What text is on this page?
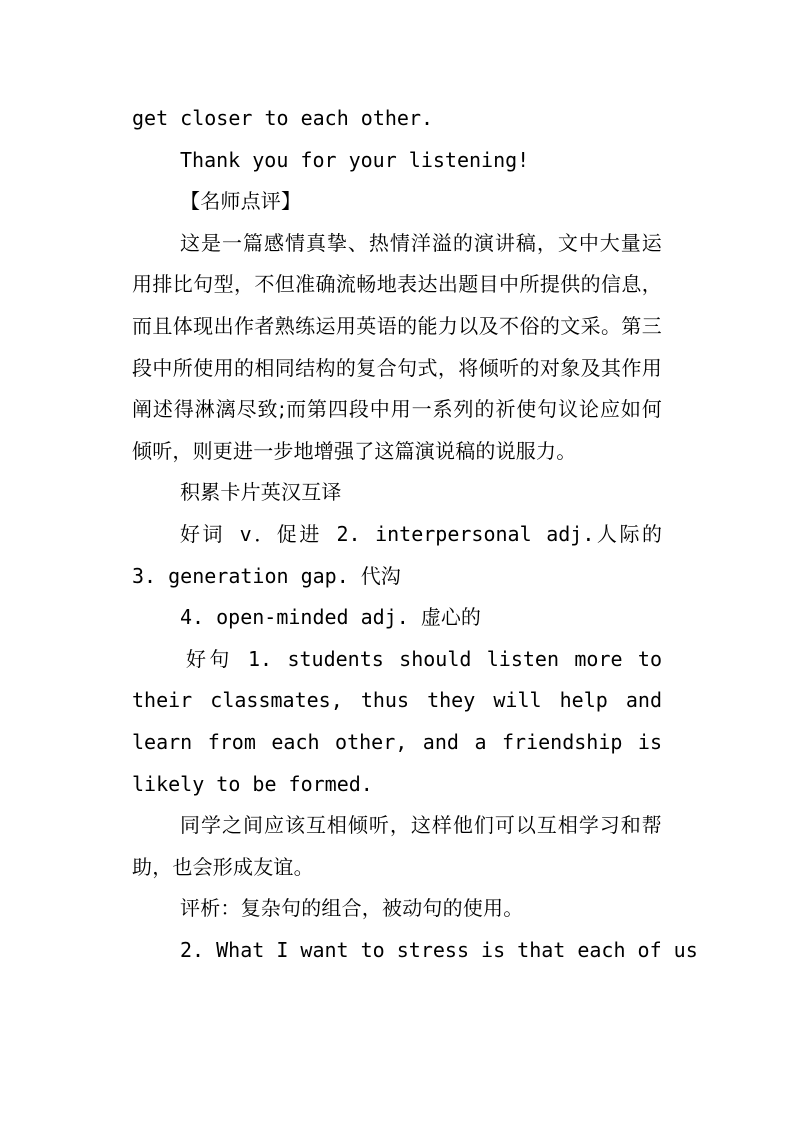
get closer to each other.
Thank you for your listening!
【名师点评】

这是一篇感情真挚、热情洋溢的演讲稿，文中大量运用排比句型，不但准确流畅地表达出题目中所提供的信息，而且体现出作者熟练运用英语的能力以及不俗的文采。第三段中所使用的相同结构的复合句式，将倾听的对象及其作用阐述得淋漓尽致;而第四段中用一系列的祈使句议论应如何倾听，则更进一步地增强了这篇演说稿的说服力。

积累卡片英汉互译

好词 v．促进 2. interpersonal adj.人际的 3. generation gap. 代沟

4. open-minded adj. 虚心的

好句 1. students should listen more to their classmates, thus they will help and learn from each other, and a friendship is likely to be formed.

同学之间应该互相倾听，这样他们可以互相学习和帮助，也会形成友谊。

评析：复杂句的组合，被动句的使用。
2. What I want to stress is that each of us
